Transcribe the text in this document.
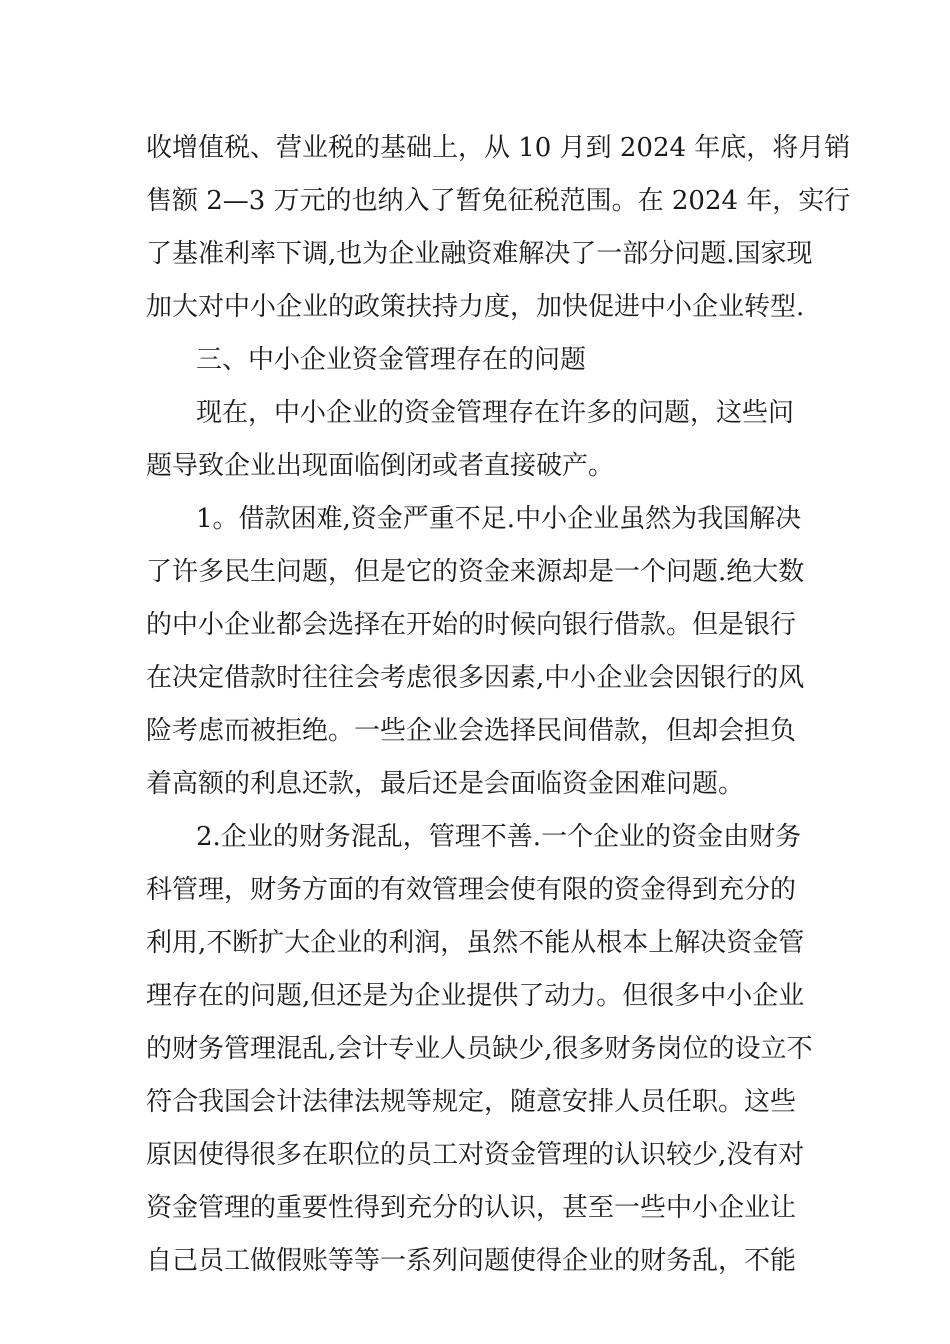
收增值税、营业税的基础上，从 10 月到 2024 年底，将月销
售额 2—3 万元的也纳入了暂免征税范围。在 2024 年，实行
了基准利率下调,也为企业融资难解决了一部分问题.国家现
加大对中小企业的政策扶持力度，加快促进中小企业转型.
三、中小企业资金管理存在的问题
现在，中小企业的资金管理存在许多的问题，这些问
题导致企业出现面临倒闭或者直接破产。
1。借款困难,资金严重不足.中小企业虽然为我国解决
了许多民生问题，但是它的资金来源却是一个问题.绝大数
的中小企业都会选择在开始的时候向银行借款。但是银行
在决定借款时往往会考虑很多因素,中小企业会因银行的风
险考虑而被拒绝。一些企业会选择民间借款，但却会担负
着高额的利息还款，最后还是会面临资金困难问题。
2.企业的财务混乱，管理不善.一个企业的资金由财务
科管理，财务方面的有效管理会使有限的资金得到充分的
利用,不断扩大企业的利润，虽然不能从根本上解决资金管
理存在的问题,但还是为企业提供了动力。但很多中小企业
的财务管理混乱,会计专业人员缺少,很多财务岗位的设立不
符合我国会计法律法规等规定，随意安排人员任职。这些
原因使得很多在职位的员工对资金管理的认识较少,没有对
资金管理的重要性得到充分的认识，甚至一些中小企业让
自己员工做假账等等一系列问题使得企业的财务乱，不能
